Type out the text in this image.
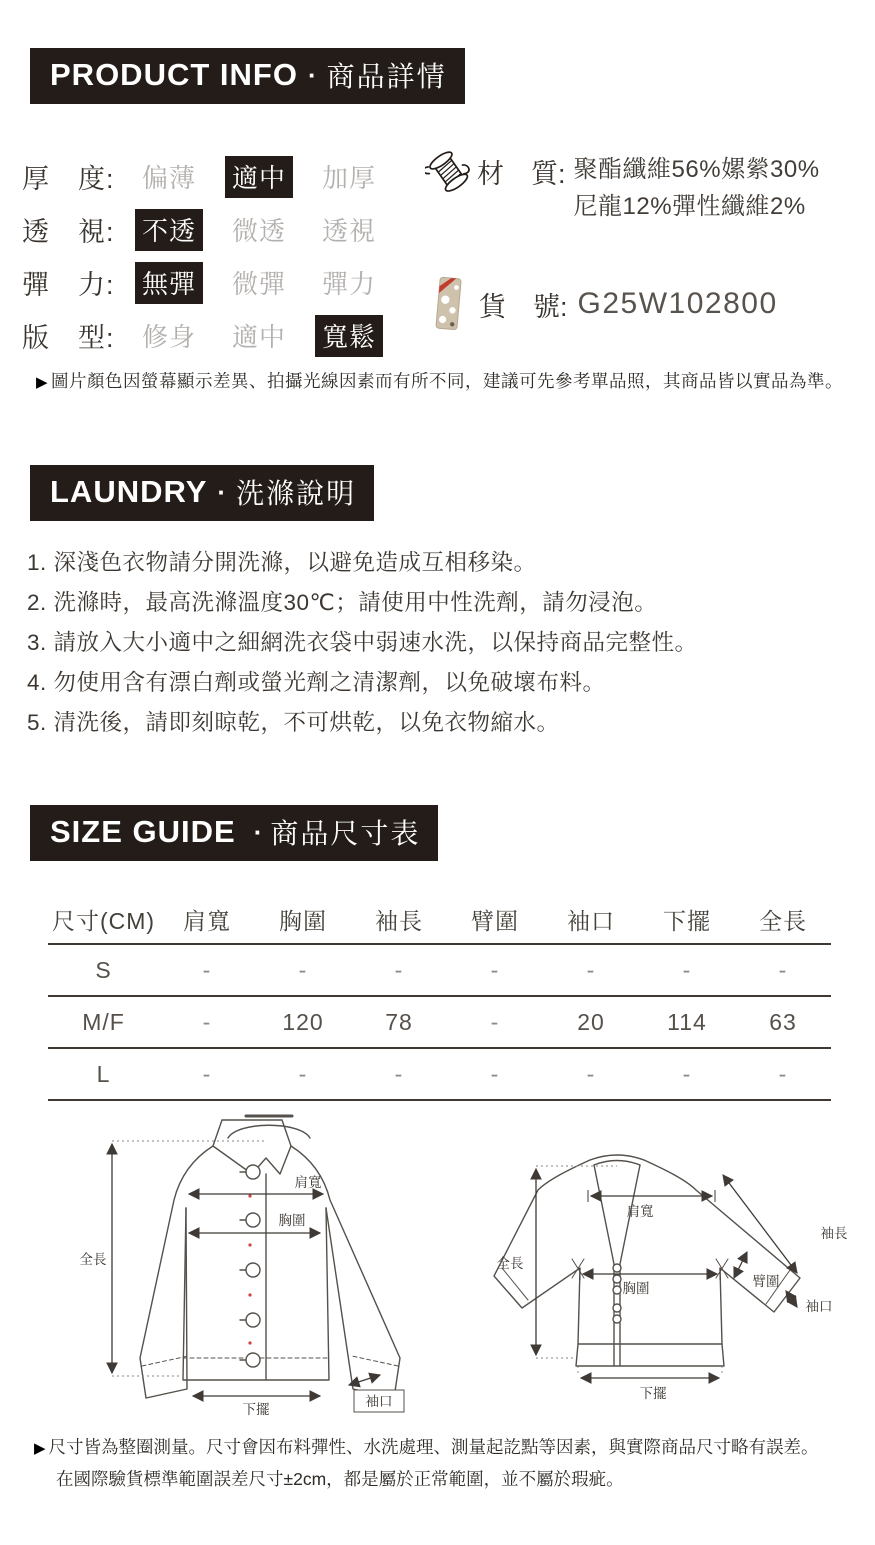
PRODUCT INFO · 商品詳情
厚　度:	偏薄 適中 加厚
透　視:	不透 微透 透視
彈　力:	無彈 微彈 彈力
版　型:	修身 適中 寬鬆
材　質: 聚酯纖維56%嫘縈30%
尼龍12%彈性纖維2%
貨　號: G25W102800
▶ 圖片顏色因螢幕顯示差異、拍攝光線因素而有所不同，建議可先參考單品照，其商品皆以實品為準。
LAUNDRY · 洗滌說明
1. 深淺色衣物請分開洗滌，以避免造成互相移染。
2. 洗滌時，最高洗滌溫度30℃；請使用中性洗劑，請勿浸泡。
3. 請放入大小適中之細網洗衣袋中弱速水洗，以保持商品完整性。
4. 勿使用含有漂白劑或螢光劑之清潔劑，以免破壞布料。
5. 清洗後，請即刻晾乾，不可烘乾，以免衣物縮水。
SIZE GUIDE · 商品尺寸表
尺寸(CM)	肩寬	胸圍	袖長	臂圍	袖口	下擺	全長
S	-	-	-	-	-	-	-
M/F	-	120	78	-	20	114	63
L	-	-	-	-	-	-	-
全長
肩寬
胸圍
下擺
袖口
全長
肩寬
袖長
臂圍
胸圍
袖口
下擺
▶ 尺寸皆為整圈測量。尺寸會因布料彈性、水洗處理、測量起訖點等因素，與實際商品尺寸略有誤差。
在國際驗貨標準範圍誤差尺寸±2cm，都是屬於正常範圍，並不屬於瑕疵。
